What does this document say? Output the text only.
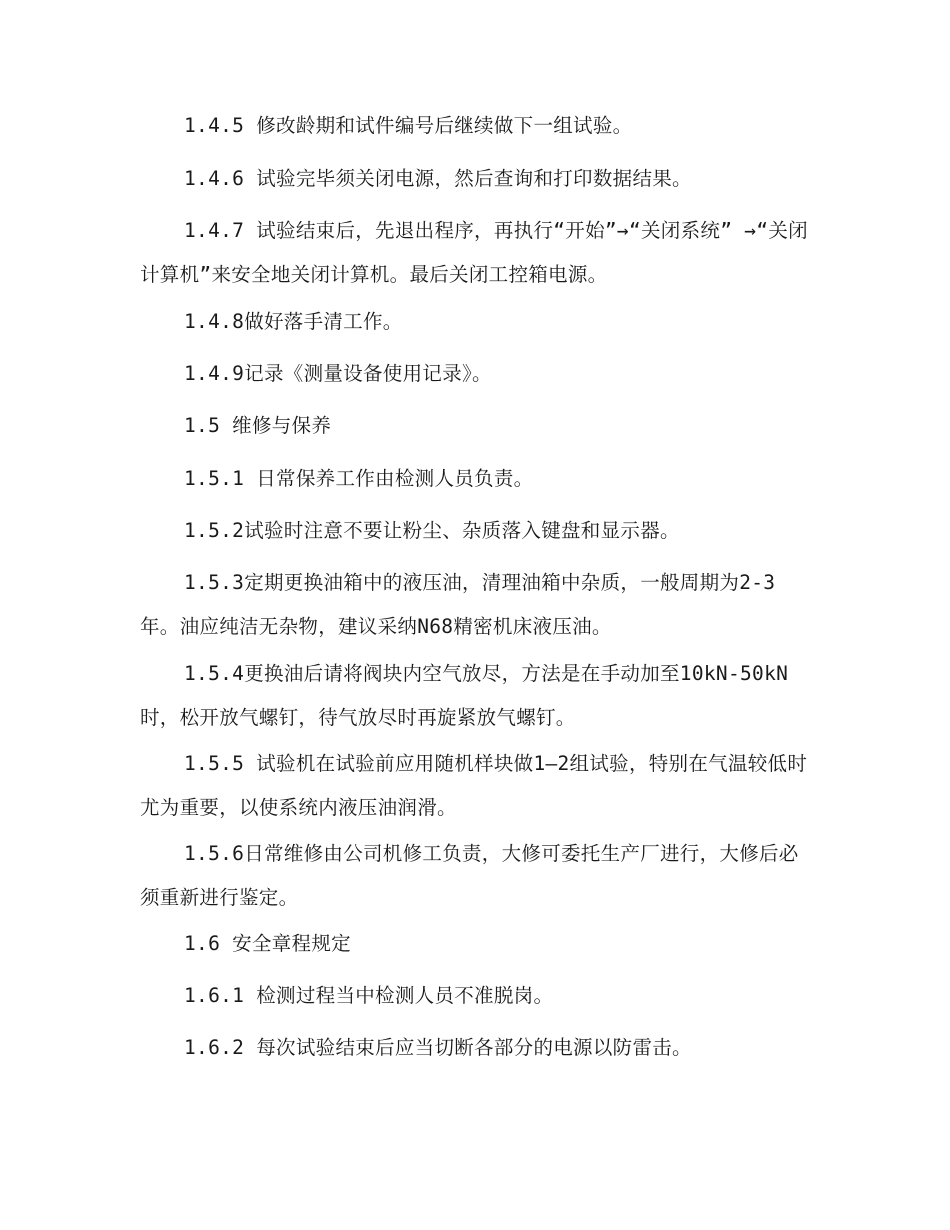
1.4.5 修改龄期和试件编号后继续做下一组试验。

1.4.6 试验完毕须关闭电源，然后查询和打印数据结果。

1.4.7 试验结束后，先退出程序，再执行“开始”→“关闭系统” →“关闭计算机”来安全地关闭计算机。最后关闭工控箱电源。

1.4.8做好落手清工作。

1.4.9记录《测量设备使用记录》。

1.5 维修与保养

1.5.1 日常保养工作由检测人员负责。

1.5.2试验时注意不要让粉尘、杂质落入键盘和显示器。

1.5.3定期更换油箱中的液压油，清理油箱中杂质，一般周期为2-3年。油应纯洁无杂物，建议采纳N68精密机床液压油。

1.5.4更换油后请将阀块内空气放尽，方法是在手动加至10kN-50kN时，松开放气螺钉，待气放尽时再旋紧放气螺钉。

1.5.5 试验机在试验前应用随机样块做1—2组试验，特别在气温较低时尤为重要，以使系统内液压油润滑。

1.5.6日常维修由公司机修工负责，大修可委托生产厂进行，大修后必须重新进行鉴定。

1.6 安全章程规定

1.6.1 检测过程当中检测人员不准脱岗。

1.6.2 每次试验结束后应当切断各部分的电源以防雷击。
